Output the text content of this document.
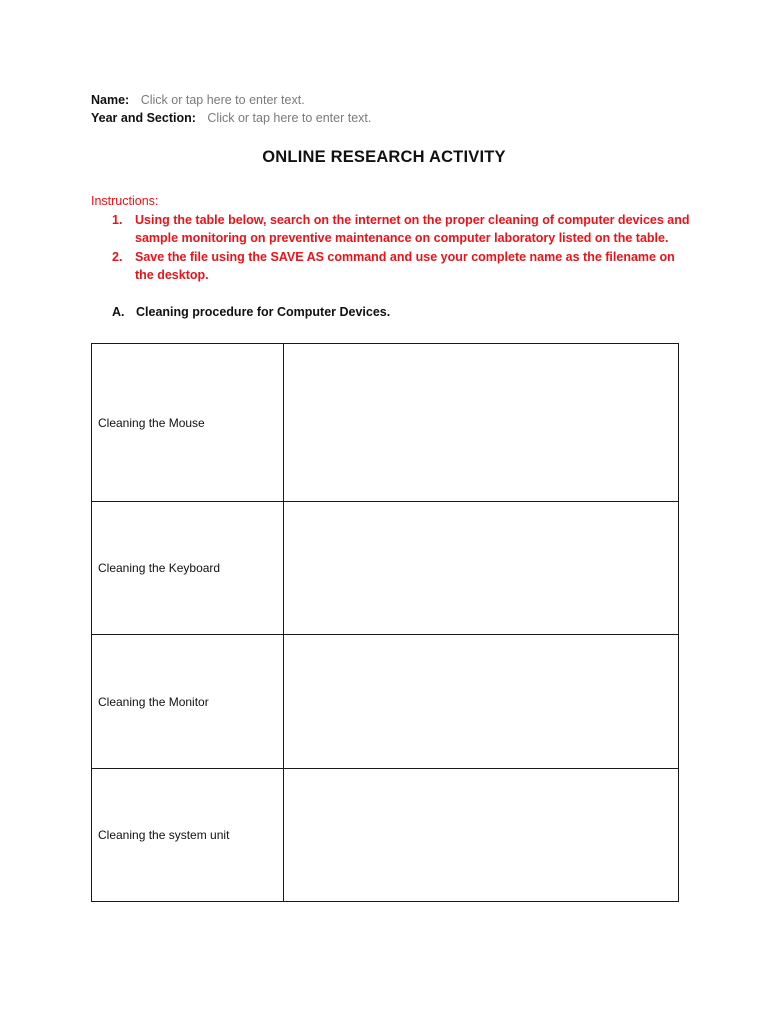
Name: Click or tap here to enter text.
Year and Section: Click or tap here to enter text.
ONLINE RESEARCH ACTIVITY
Instructions:
1. Using the table below, search on the internet on the proper cleaning of computer devices and sample monitoring on preventive maintenance on computer laboratory listed on the table.
2. Save the file using the SAVE AS command and use your complete name as the filename on the desktop.
A. Cleaning procedure for Computer Devices.
Cleaning the Mouse	
Cleaning the Keyboard	
Cleaning the Monitor	
Cleaning the system unit	
